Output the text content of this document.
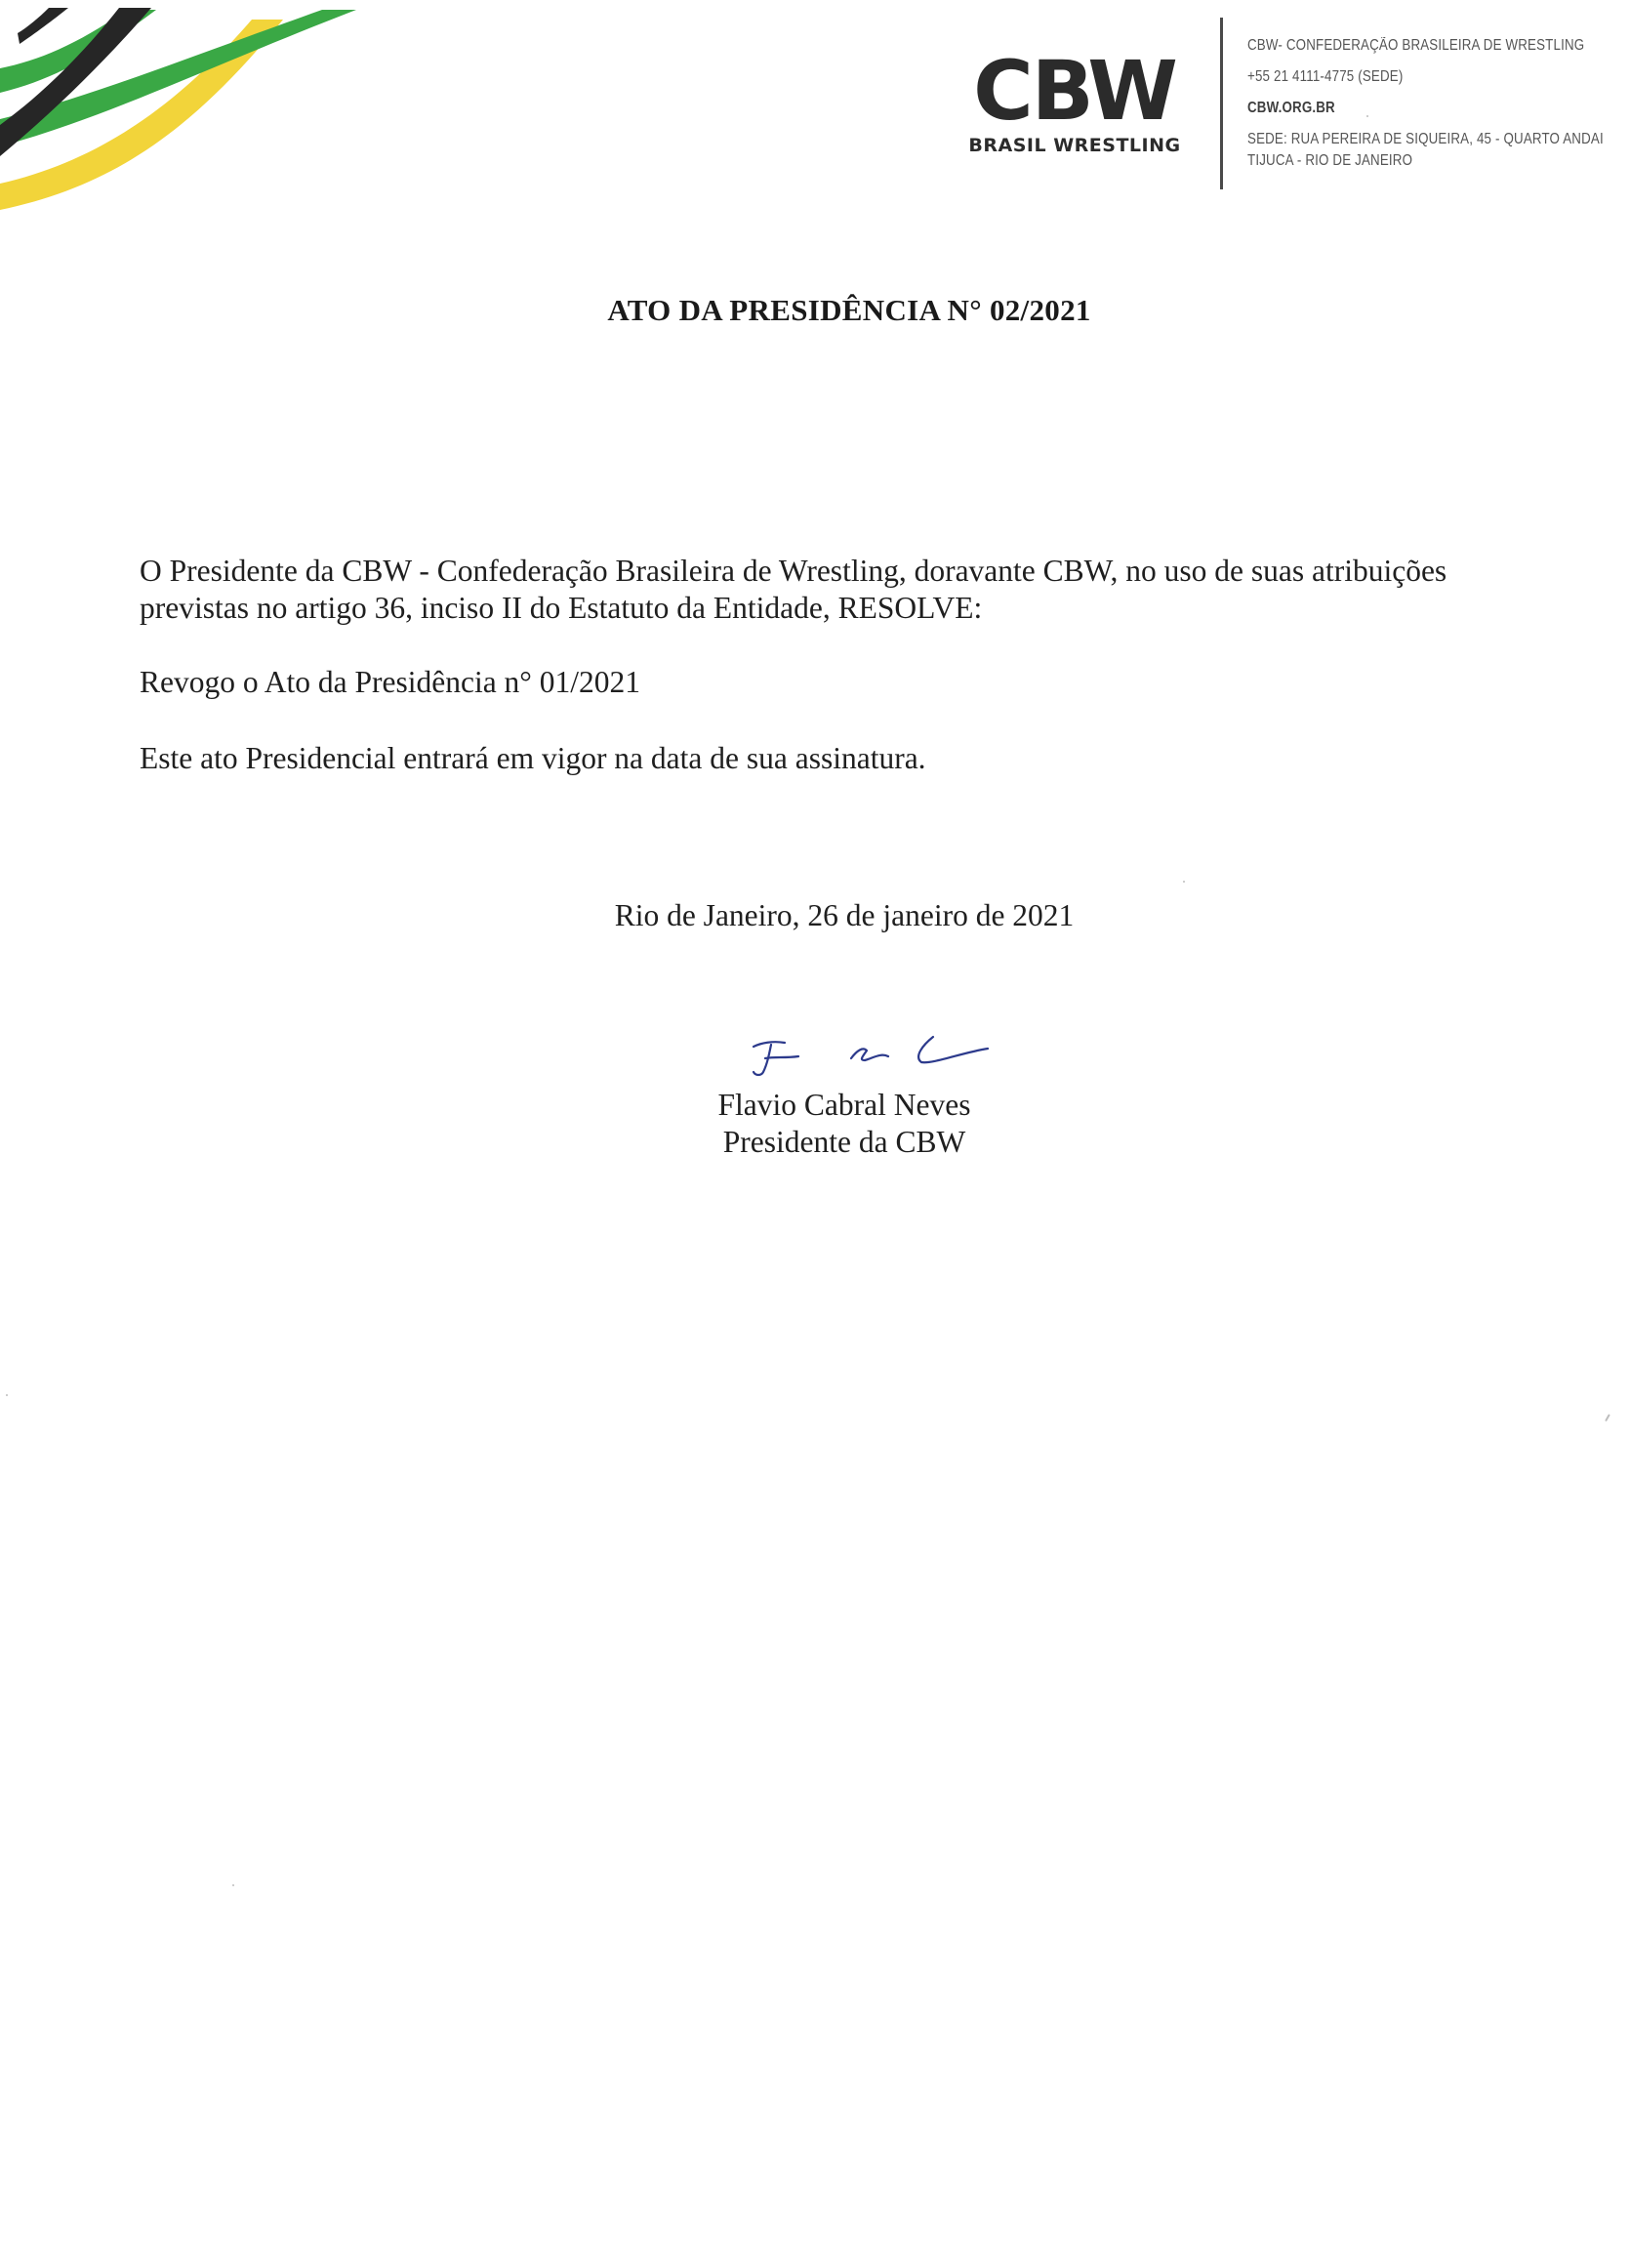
CBW
BRASIL WRESTLING
CBW- CONFEDERAÇÃO BRASILEIRA DE WRESTLING
+55 21 4111-4775 (SEDE)
CBW.ORG.BR
SEDE: RUA PEREIRA DE SIQUEIRA, 45 - QUARTO ANDAI
TIJUCA - RIO DE JANEIRO
ATO DA PRESIDÊNCIA N° 02/2021
O Presidente da CBW - Confederação Brasileira de Wrestling, doravante CBW, no uso de suas atribuições previstas no artigo 36, inciso II do Estatuto da Entidade, RESOLVE:
Revogo o Ato da Presidência n° 01/2021
Este ato Presidencial entrará em vigor na data de sua assinatura.
Rio de Janeiro, 26 de janeiro de 2021
Flavio Cabral Neves
Presidente da CBW
